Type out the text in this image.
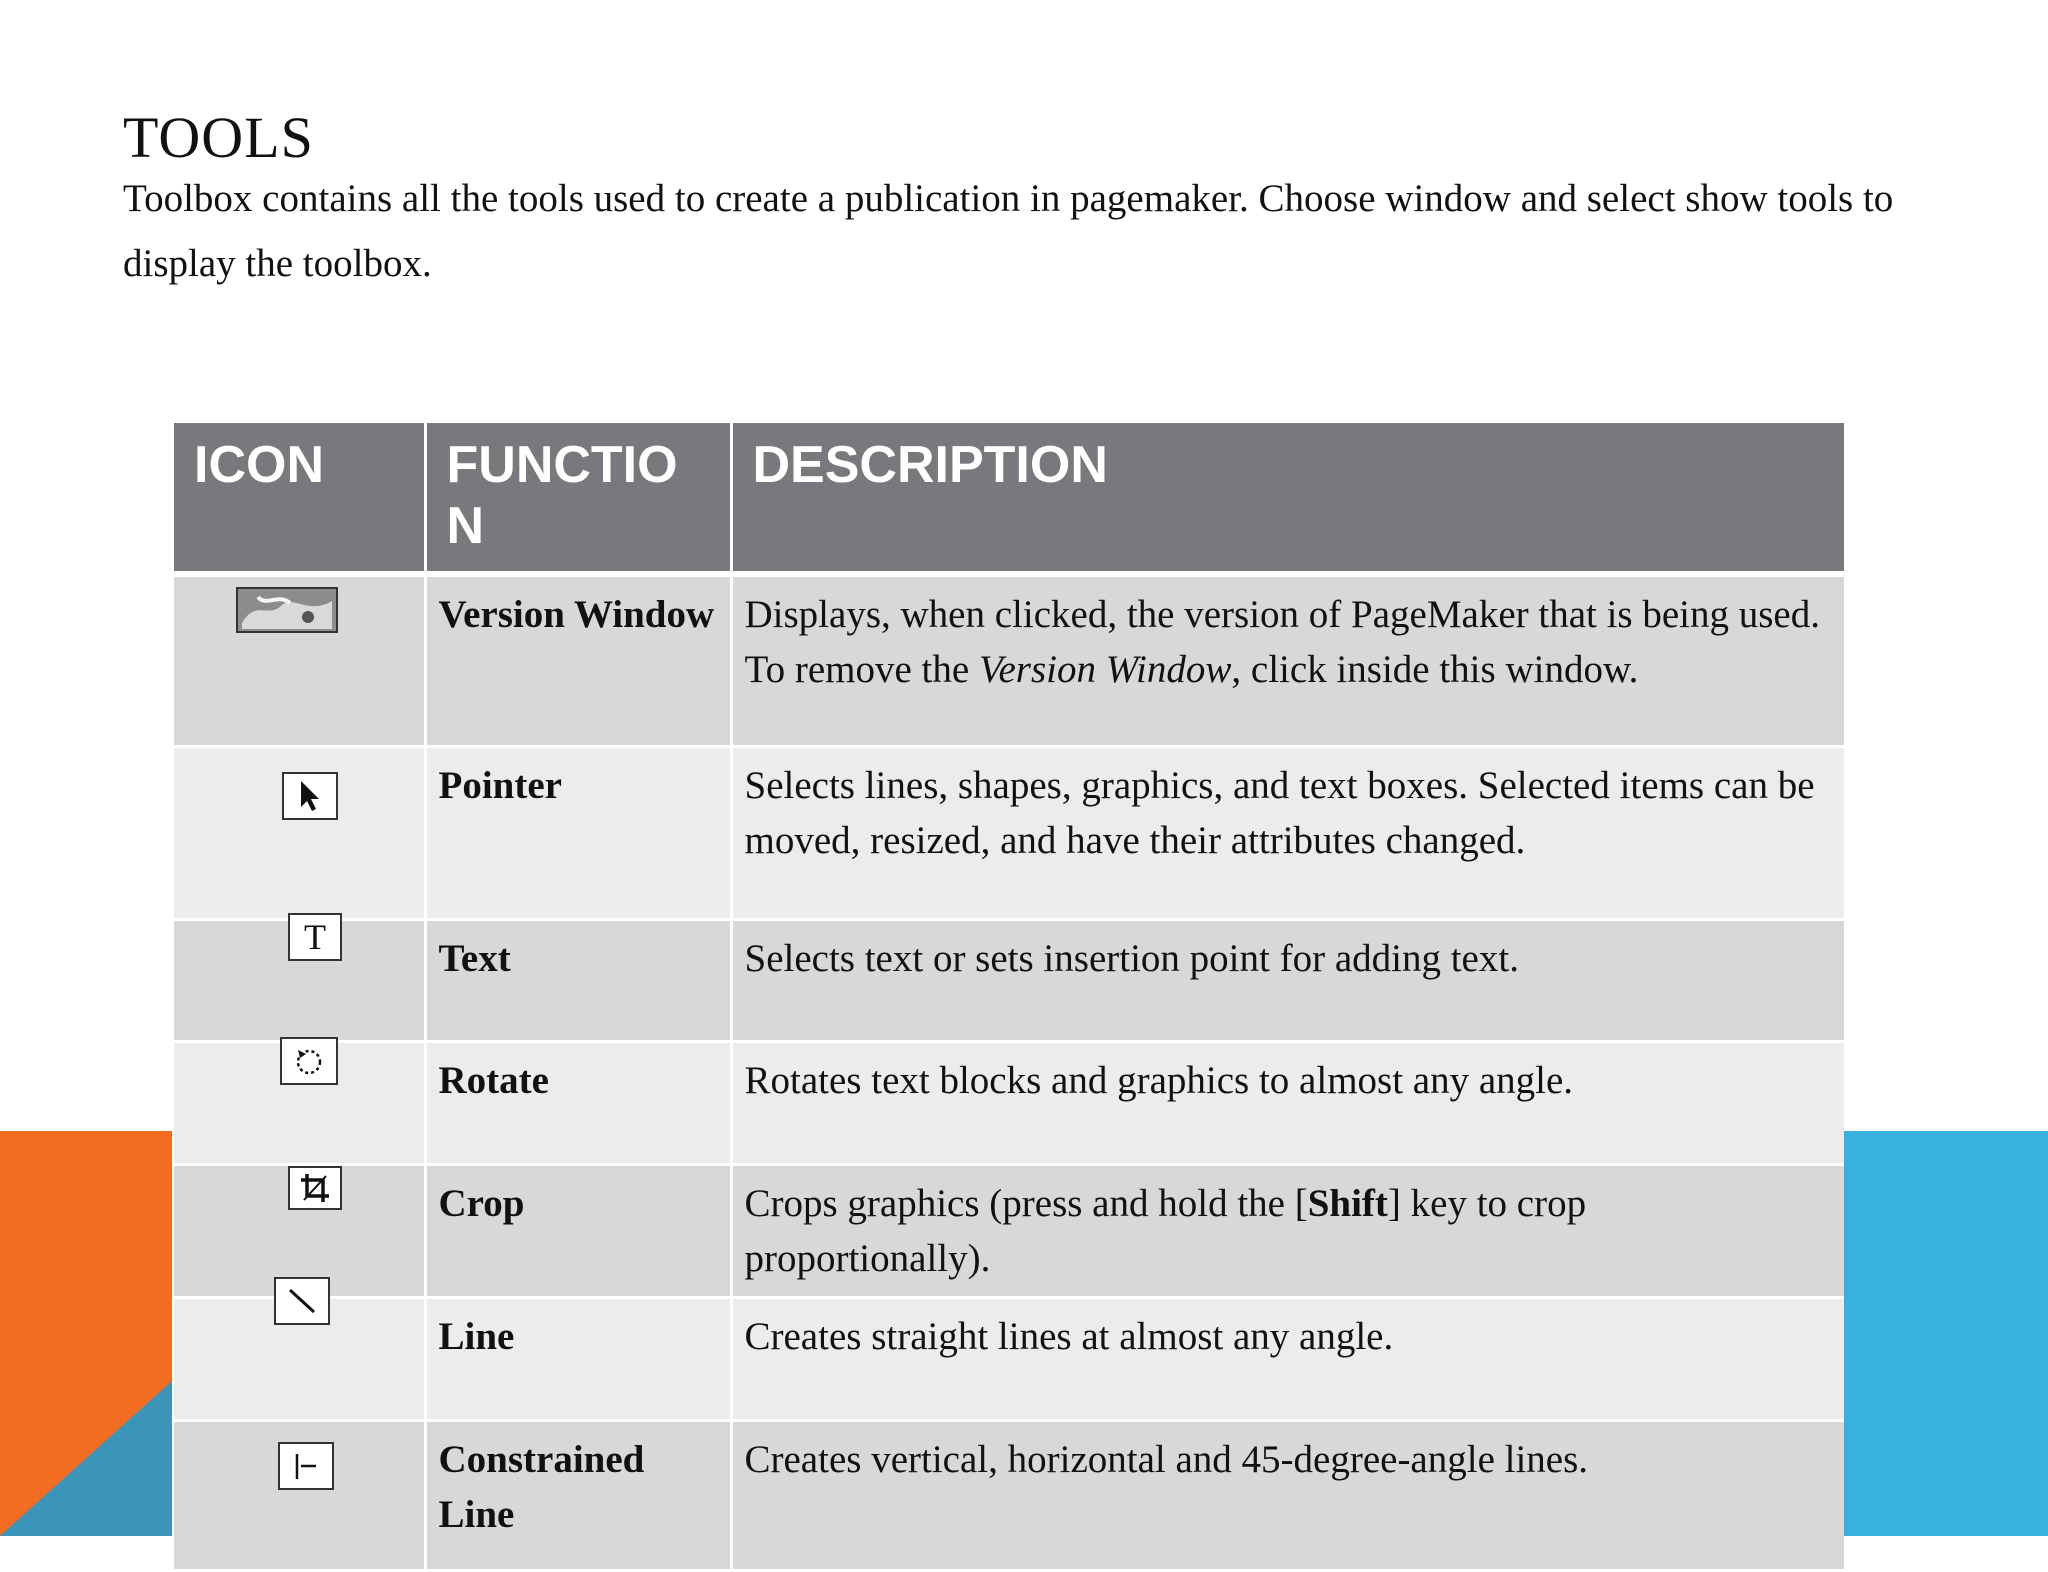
TOOLS

Toolbox contains all the tools used to create a publication in pagemaker. Choose window and select show tools to display the toolbox.

ICON	FUNCTIO N	DESCRIPTION

	Version Window	Displays, when clicked, the version of PageMaker that is being used. To remove the Version Window, click inside this window.

	Pointer	Selects lines, shapes, graphics, and text boxes. Selected items can be moved, resized, and have their attributes changed.

T	Text	Selects text or sets insertion point for adding text.

	Rotate	Rotates text blocks and graphics to almost any angle.

	Crop	Crops graphics (press and hold the [Shift] key to crop proportionally).

	Line	Creates straight lines at almost any angle.

	Constrained Line	Creates vertical, horizontal and 45-degree-angle lines.
